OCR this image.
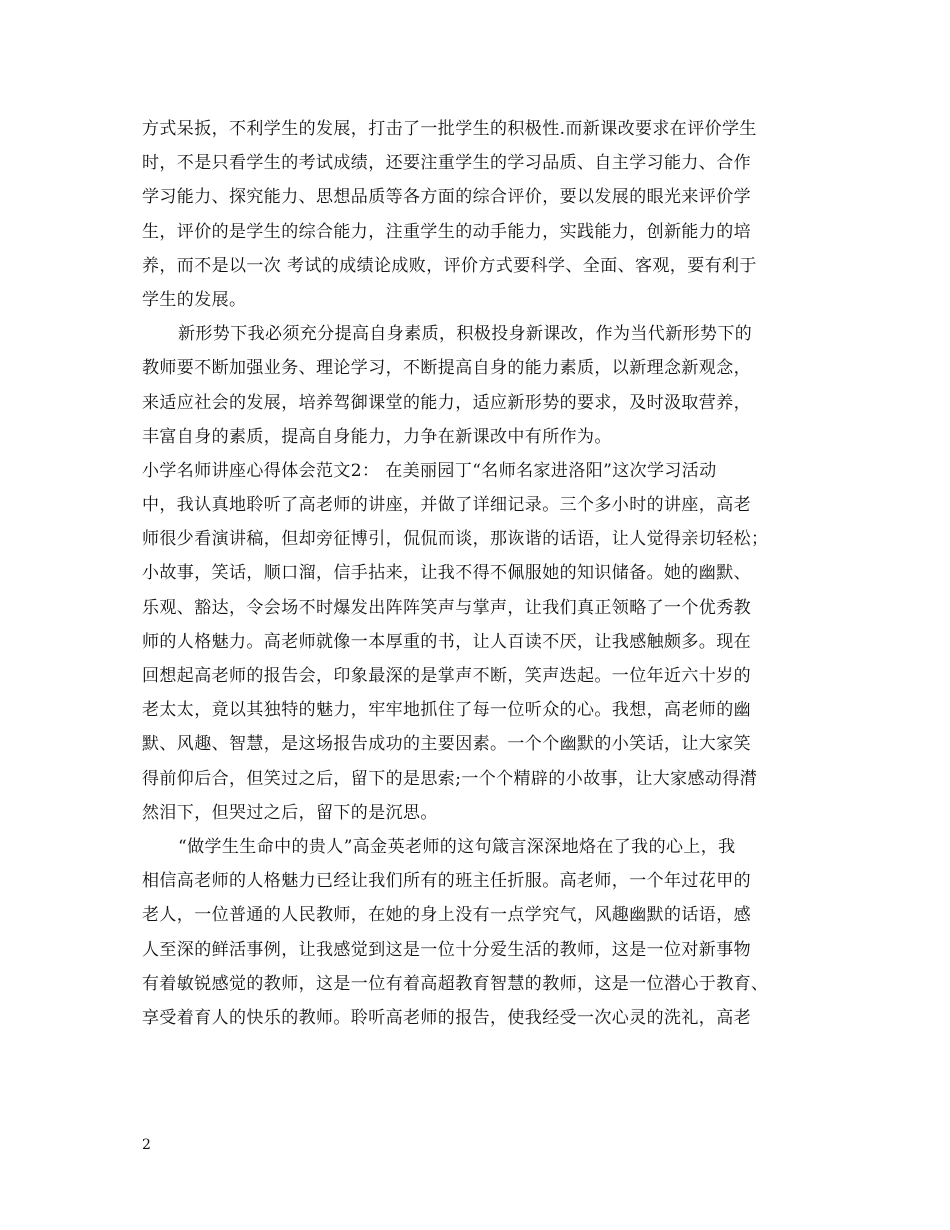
方式呆扳，不利学生的发展，打击了一批学生的积极性.而新课改要求在评价学生
时，不是只看学生的考试成绩，还要注重学生的学习品质、自主学习能力、合作
学习能力、探究能力、思想品质等各方面的综合评价，要以发展的眼光来评价学
生，评价的是学生的综合能力，注重学生的动手能力，实践能力，创新能力的培
养，而不是以一次 考试的成绩论成败，评价方式要科学、全面、客观，要有利于
学生的发展。
新形势下我必须充分提高自身素质，积极投身新课改，作为当代新形势下的
教师要不断加强业务、理论学习，不断提高自身的能力素质，以新理念新观念，
来适应社会的发展，培养驾御课堂的能力，适应新形势的要求，及时汲取营养，
丰富自身的素质，提高自身能力，力争在新课改中有所作为。
小学名师讲座心得体会范文2： 在美丽园丁“名师名家进洛阳”这次学习活动
中，我认真地聆听了高老师的讲座，并做了详细记录。三个多小时的讲座，高老
师很少看演讲稿，但却旁征博引，侃侃而谈，那诙谐的话语，让人觉得亲切轻松；
小故事，笑话，顺口溜，信手拈来，让我不得不佩服她的知识储备。她的幽默、
乐观、豁达，令会场不时爆发出阵阵笑声与掌声，让我们真正领略了一个优秀教
师的人格魅力。高老师就像一本厚重的书，让人百读不厌，让我感触颇多。现在
回想起高老师的报告会，印象最深的是掌声不断，笑声迭起。一位年近六十岁的
老太太，竟以其独特的魅力，牢牢地抓住了每一位听众的心。我想，高老师的幽
默、风趣、智慧，是这场报告成功的主要因素。一个个幽默的小笑话，让大家笑
得前仰后合，但笑过之后，留下的是思索;一个个精辟的小故事，让大家感动得潸
然泪下，但哭过之后，留下的是沉思。
“做学生生命中的贵人”高金英老师的这句箴言深深地烙在了我的心上，我
相信高老师的人格魅力已经让我们所有的班主任折服。高老师，一个年过花甲的
老人，一位普通的人民教师，在她的身上没有一点学究气，风趣幽默的话语，感
人至深的鲜活事例，让我感觉到这是一位十分爱生活的教师，这是一位对新事物
有着敏锐感觉的教师，这是一位有着高超教育智慧的教师，这是一位潜心于教育、
享受着育人的快乐的教师。聆听高老师的报告，使我经受一次心灵的洗礼，高老
2
